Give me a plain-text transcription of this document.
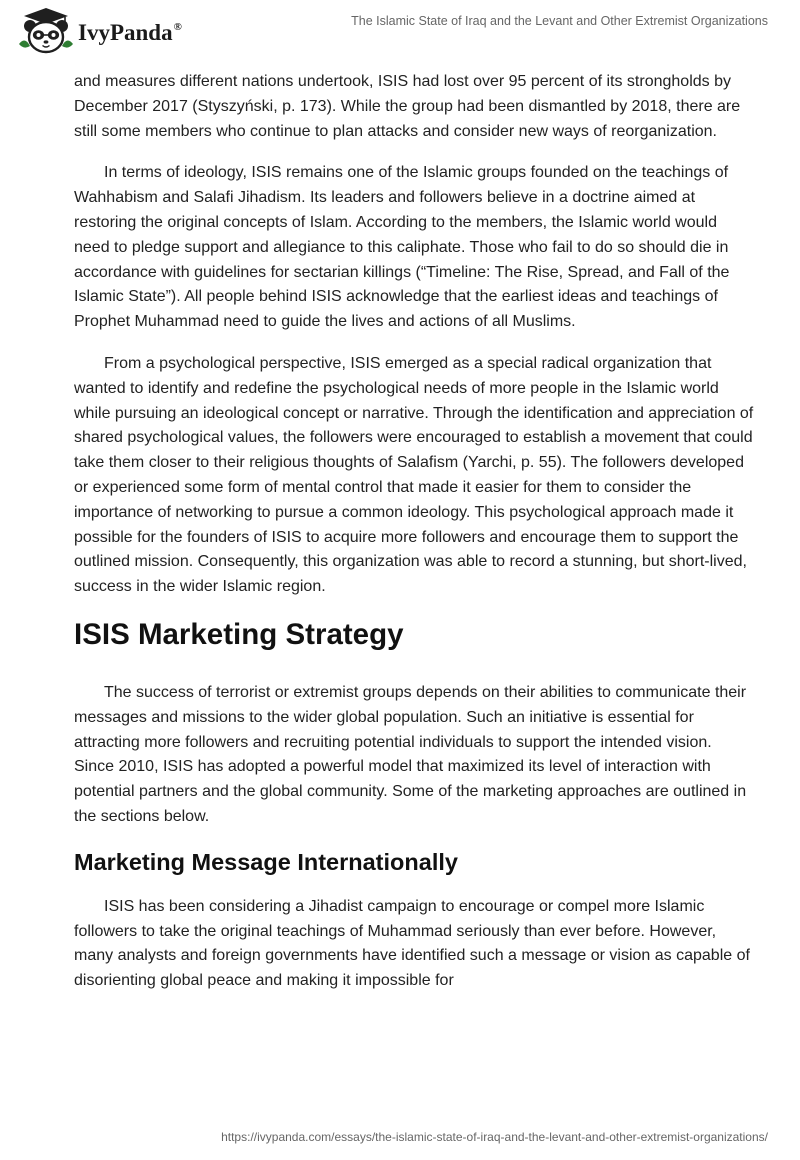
IvyPanda®	The Islamic State of Iraq and the Levant and Other Extremist Organizations

and measures different nations undertook, ISIS had lost over 95 percent of its strongholds by December 2017 (Styszyński, p. 173). While the group had been dismantled by 2018, there are still some members who continue to plan attacks and consider new ways of reorganization.

In terms of ideology, ISIS remains one of the Islamic groups founded on the teachings of Wahhabism and Salafi Jihadism. Its leaders and followers believe in a doctrine aimed at restoring the original concepts of Islam. According to the members, the Islamic world would need to pledge support and allegiance to this caliphate. Those who fail to do so should die in accordance with guidelines for sectarian killings (“Timeline: The Rise, Spread, and Fall of the Islamic State”). All people behind ISIS acknowledge that the earliest ideas and teachings of Prophet Muhammad need to guide the lives and actions of all Muslims.

From a psychological perspective, ISIS emerged as a special radical organization that wanted to identify and redefine the psychological needs of more people in the Islamic world while pursuing an ideological concept or narrative. Through the identification and appreciation of shared psychological values, the followers were encouraged to establish a movement that could take them closer to their religious thoughts of Salafism (Yarchi, p. 55). The followers developed or experienced some form of mental control that made it easier for them to consider the importance of networking to pursue a common ideology. This psychological approach made it possible for the founders of ISIS to acquire more followers and encourage them to support the outlined mission. Consequently, this organization was able to record a stunning, but short-lived, success in the wider Islamic region.

ISIS Marketing Strategy

The success of terrorist or extremist groups depends on their abilities to communicate their messages and missions to the wider global population. Such an initiative is essential for attracting more followers and recruiting potential individuals to support the intended vision. Since 2010, ISIS has adopted a powerful model that maximized its level of interaction with potential partners and the global community. Some of the marketing approaches are outlined in the sections below.

Marketing Message Internationally

ISIS has been considering a Jihadist campaign to encourage or compel more Islamic followers to take the original teachings of Muhammad seriously than ever before. However, many analysts and foreign governments have identified such a message or vision as capable of disorienting global peace and making it impossible for

https://ivypanda.com/essays/the-islamic-state-of-iraq-and-the-levant-and-other-extremist-organizations/
